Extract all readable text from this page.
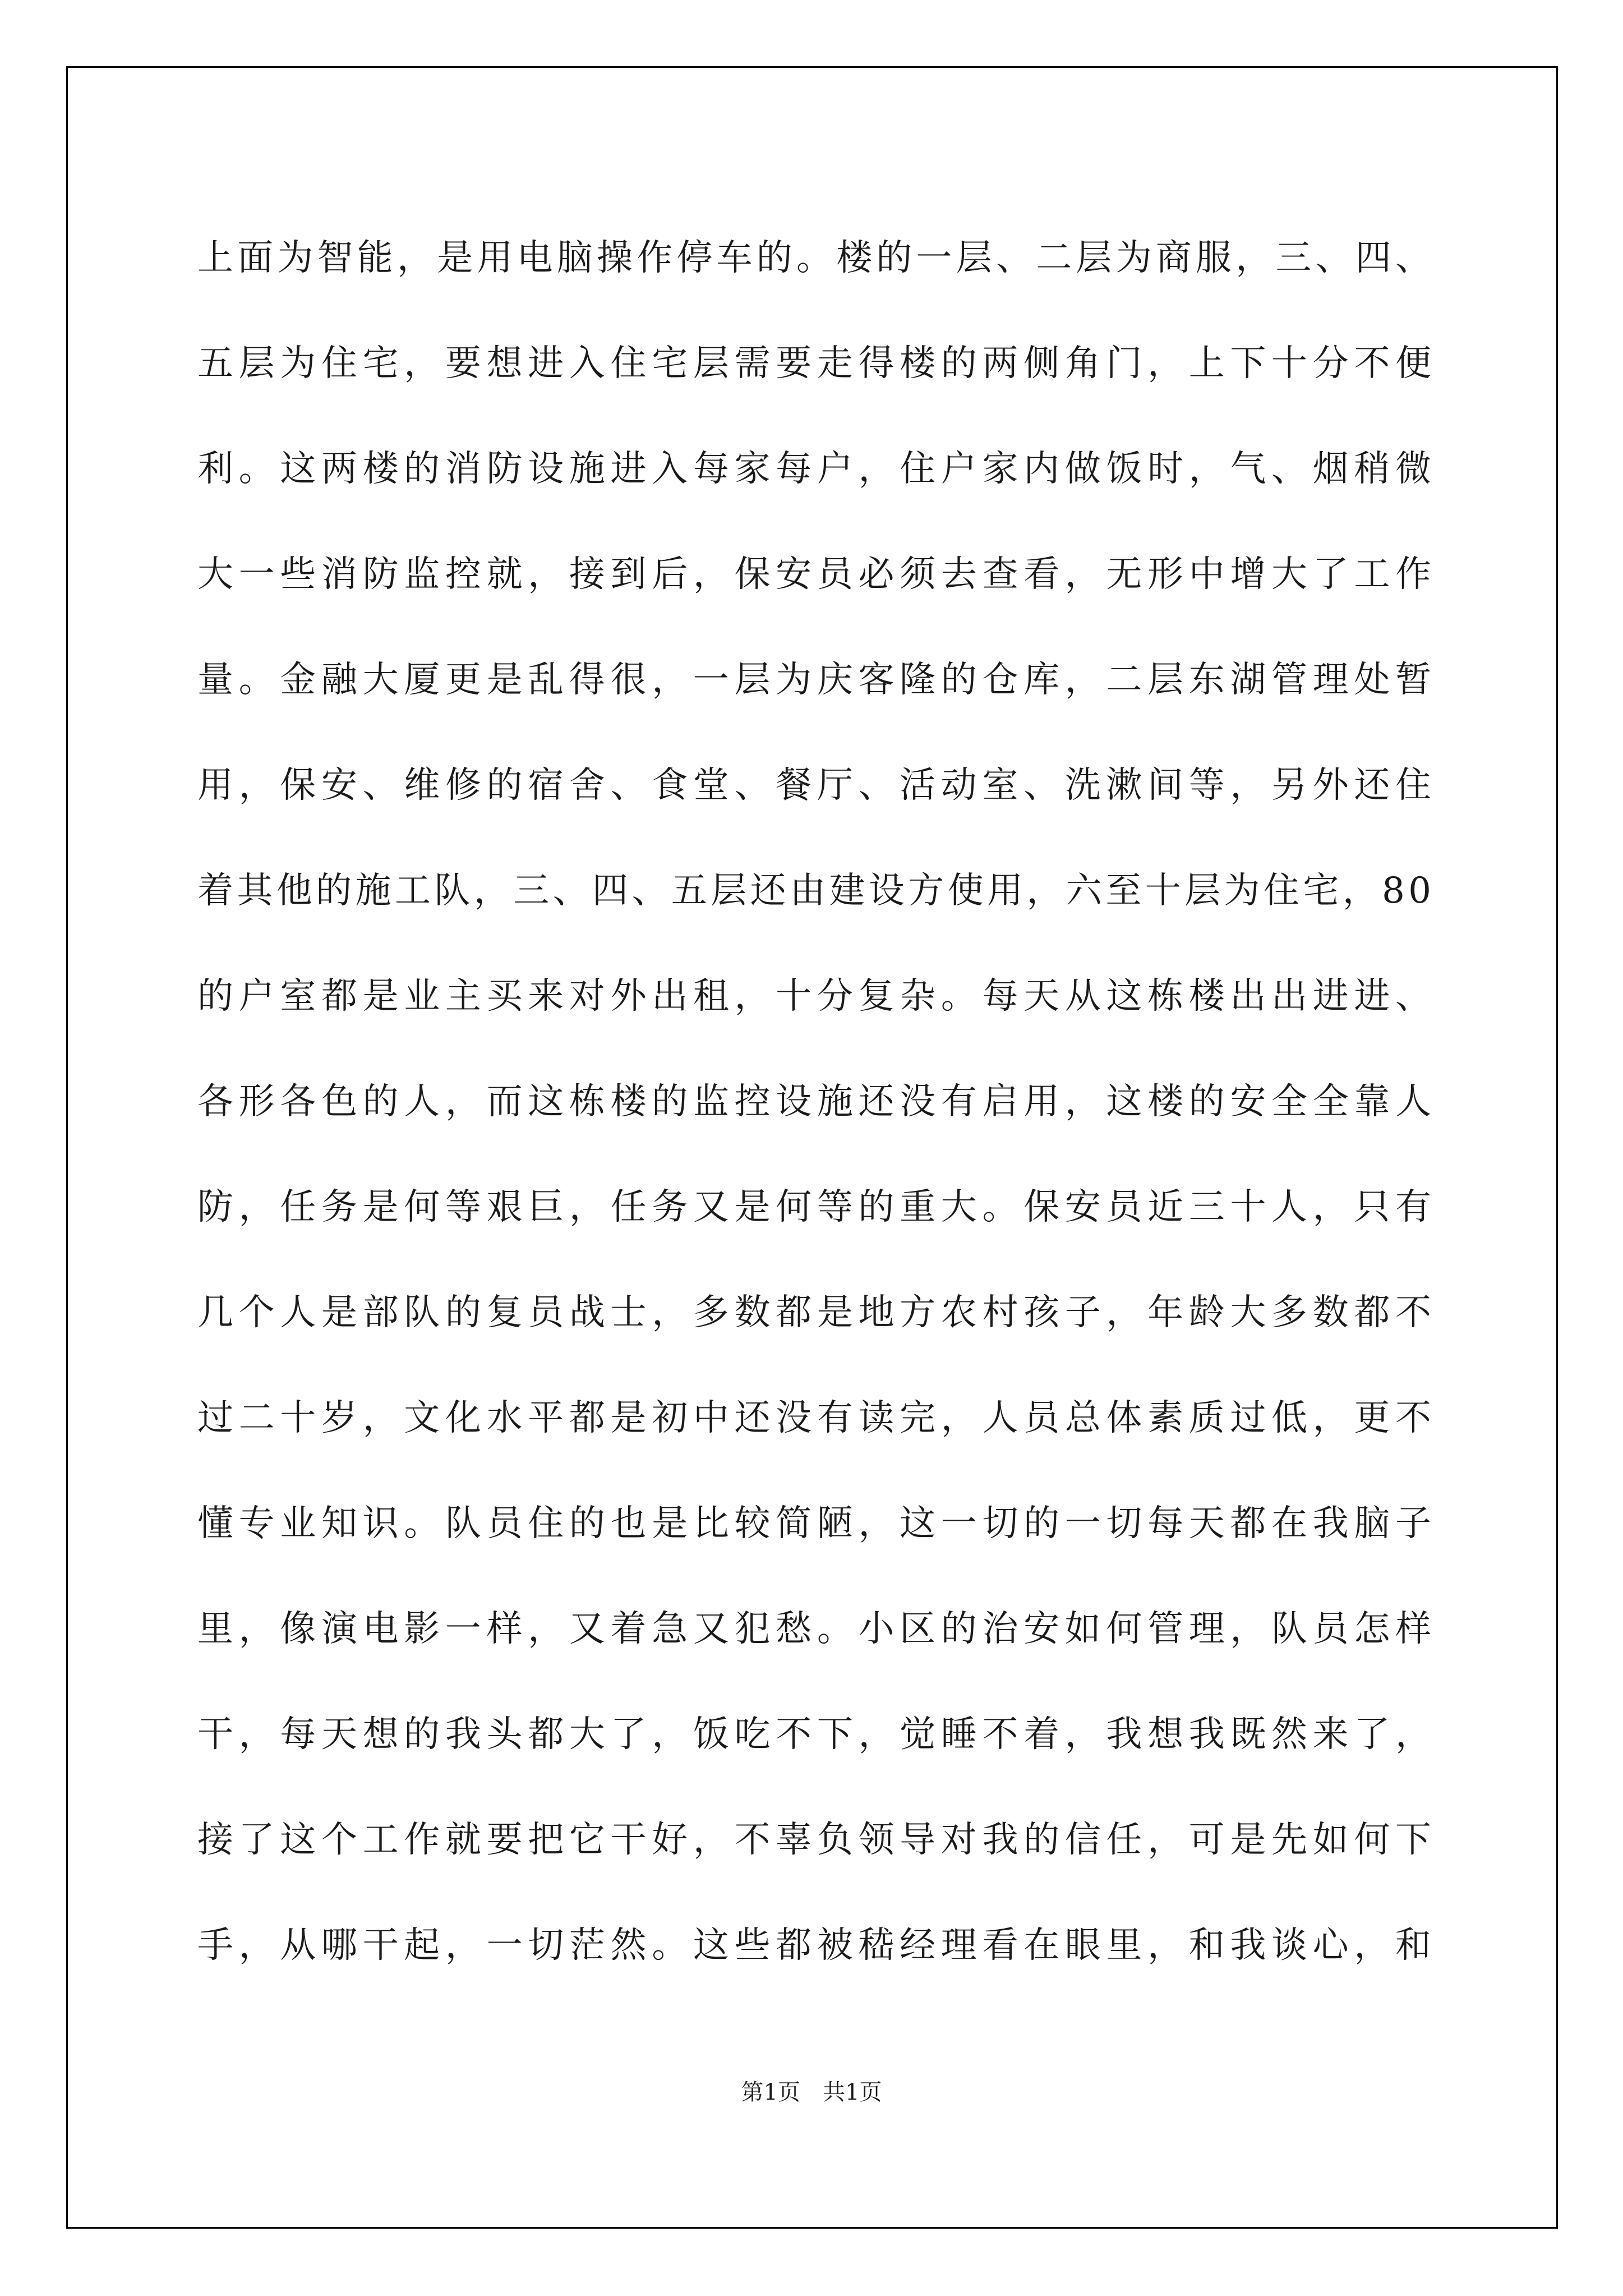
上面为智能，是用电脑操作停车的。楼的一层、二层为商服，三、四、
五层为住宅，要想进入住宅层需要走得楼的两侧角门，上下十分不便
利。这两楼的消防设施进入每家每户，住户家内做饭时，气、烟稍微
大一些消防监控就，接到后，保安员必须去查看，无形中增大了工作
量。金融大厦更是乱得很，一层为庆客隆的仓库，二层东湖管理处暂
用，保安、维修的宿舍、食堂、餐厅、活动室、洗漱间等，另外还住
着其他的施工队，三、四、五层还由建设方使用，六至十层为住宅，80
的户室都是业主买来对外出租，十分复杂。每天从这栋楼出出进进、
各形各色的人，而这栋楼的监控设施还没有启用，这楼的安全全靠人
防，任务是何等艰巨，任务又是何等的重大。保安员近三十人，只有
几个人是部队的复员战士，多数都是地方农村孩子，年龄大多数都不
过二十岁，文化水平都是初中还没有读完，人员总体素质过低，更不
懂专业知识。队员住的也是比较简陋，这一切的一切每天都在我脑子
里，像演电影一样，又着急又犯愁。小区的治安如何管理，队员怎样
干，每天想的我头都大了，饭吃不下，觉睡不着，我想我既然来了，
接了这个工作就要把它干好，不辜负领导对我的信任，可是先如何下
手，从哪干起，一切茫然。这些都被嵇经理看在眼里，和我谈心，和
第1页 共1页
